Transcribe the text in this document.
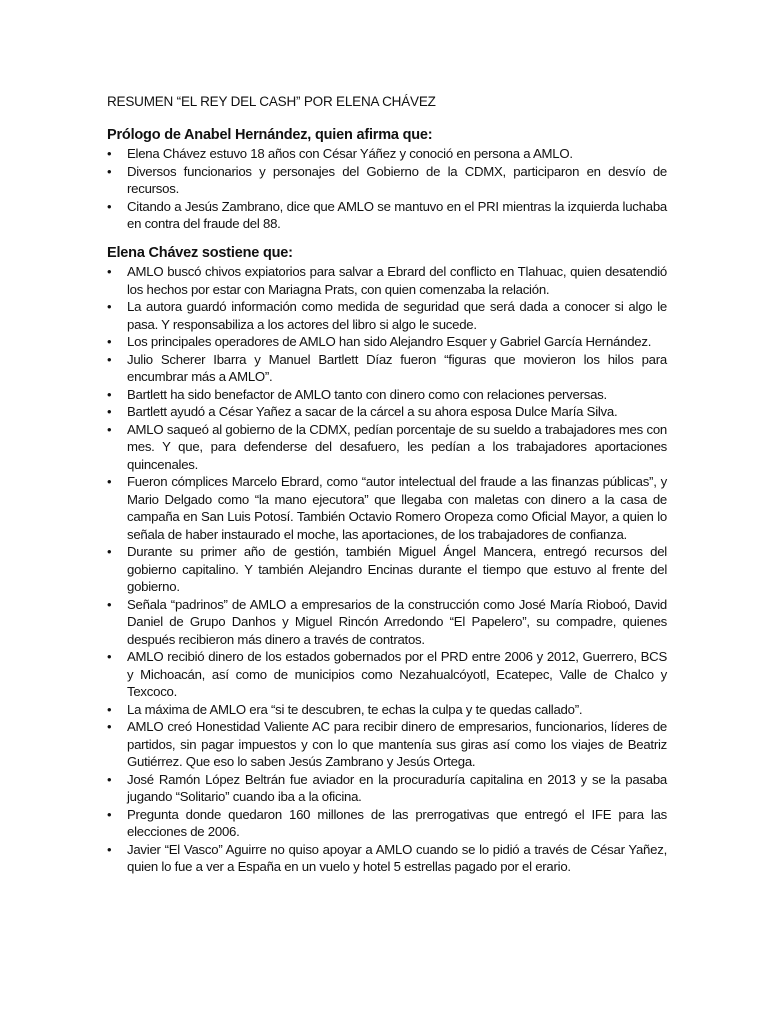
RESUMEN “EL REY DEL CASH” POR ELENA CHÁVEZ
Prólogo de Anabel Hernández, quien afirma que:
•	Elena Chávez estuvo 18 años con César Yáñez y conoció en persona a AMLO.
•	Diversos funcionarios y personajes del Gobierno de la CDMX, participaron en desvío de recursos.
•	Citando a Jesús Zambrano, dice que AMLO se mantuvo en el PRI mientras la izquierda luchaba en contra del fraude del 88.
Elena Chávez sostiene que:
•	AMLO buscó chivos expiatorios para salvar a Ebrard del conflicto en Tlahuac, quien desatendió los hechos por estar con Mariagna Prats, con quien comenzaba la relación.
•	La autora guardó información como medida de seguridad que será dada a conocer si algo le pasa. Y responsabiliza a los actores del libro si algo le sucede.
•	Los principales operadores de AMLO han sido Alejandro Esquer y Gabriel García Hernández.
•	Julio Scherer Ibarra y Manuel Bartlett Díaz fueron “figuras que movieron los hilos para encumbrar más a AMLO”.
•	Bartlett ha sido benefactor de AMLO tanto con dinero como con relaciones perversas.
•	Bartlett ayudó a César Yañez a sacar de la cárcel a su ahora esposa Dulce María Silva.
•	AMLO saqueó al gobierno de la CDMX, pedían porcentaje de su sueldo a trabajadores mes con mes. Y que, para defenderse del desafuero, les pedían a los trabajadores aportaciones quincenales.
•	Fueron cómplices Marcelo Ebrard, como “autor intelectual del fraude a las finanzas públicas”, y Mario Delgado como “la mano ejecutora” que llegaba con maletas con dinero a la casa de campaña en San Luis Potosí. También Octavio Romero Oropeza como Oficial Mayor, a quien lo señala de haber instaurado el moche, las aportaciones, de los trabajadores de confianza.
•	Durante su primer año de gestión, también Miguel Ángel Mancera, entregó recursos del gobierno capitalino. Y también Alejandro Encinas durante el tiempo que estuvo al frente del gobierno.
•	Señala “padrinos” de AMLO a empresarios de la construcción como José María Rioboó, David Daniel de Grupo Danhos y Miguel Rincón Arredondo “El Papelero”, su compadre, quienes después recibieron más dinero a través de contratos.
•	AMLO recibió dinero de los estados gobernados por el PRD entre 2006 y 2012, Guerrero, BCS y Michoacán, así como de municipios como Nezahualcóyotl, Ecatepec, Valle de Chalco y Texcoco.
•	La máxima de AMLO era “si te descubren, te echas la culpa y te quedas callado”.
•	AMLO creó Honestidad Valiente AC para recibir dinero de empresarios, funcionarios, líderes de partidos, sin pagar impuestos y con lo que mantenía sus giras así como los viajes de Beatriz Gutiérrez. Que eso lo saben Jesús Zambrano y Jesús Ortega.
•	José Ramón López Beltrán fue aviador en la procuraduría capitalina en 2013 y se la pasaba jugando “Solitario” cuando iba a la oficina.
•	Pregunta donde quedaron 160 millones de las prerrogativas que entregó el IFE para las elecciones de 2006.
•	Javier “El Vasco” Aguirre no quiso apoyar a AMLO cuando se lo pidió a través de César Yañez, quien lo fue a ver a España en un vuelo y hotel 5 estrellas pagado por el erario.
